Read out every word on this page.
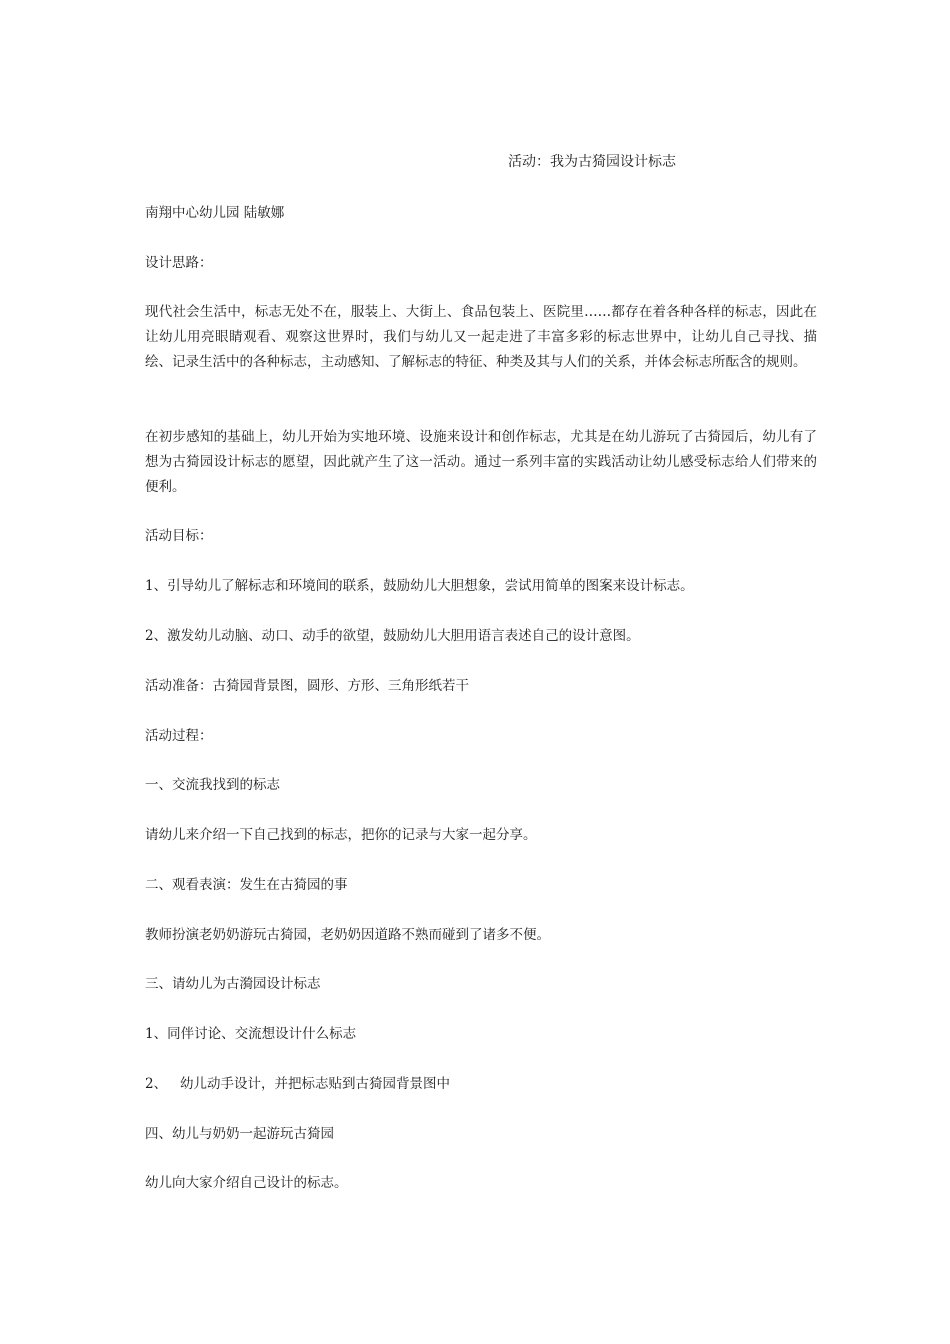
活动：我为古猗园设计标志
南翔中心幼儿园 陆敏娜
设计思路：
现代社会生活中，标志无处不在，服装上、大街上、食品包装上、医院里……都存在着各种各样的标志，因此在让幼儿用亮眼睛观看、观察这世界时，我们与幼儿又一起走进了丰富多彩的标志世界中，让幼儿自己寻找、描绘、记录生活中的各种标志，主动感知、了解标志的特征、种类及其与人们的关系，并体会标志所酝含的规则。
在初步感知的基础上，幼儿开始为实地环境、设施来设计和创作标志，尤其是在幼儿游玩了古猗园后，幼儿有了想为古猗园设计标志的愿望，因此就产生了这一活动。通过一系列丰富的实践活动让幼儿感受标志给人们带来的便利。
活动目标：
1、引导幼儿了解标志和环境间的联系，鼓励幼儿大胆想象，尝试用简单的图案来设计标志。
2、激发幼儿动脑、动口、动手的欲望，鼓励幼儿大胆用语言表述自己的设计意图。
活动准备：古猗园背景图，圆形、方形、三角形纸若干
活动过程：
一、交流我找到的标志
请幼儿来介绍一下自己找到的标志，把你的记录与大家一起分享。
二、观看表演：发生在古猗园的事
教师扮演老奶奶游玩古猗园，老奶奶因道路不熟而碰到了诸多不便。
三、请幼儿为古漪园设计标志
1、同伴讨论、交流想设计什么标志
2、   幼儿动手设计，并把标志贴到古猗园背景图中
四、幼儿与奶奶一起游玩古猗园
幼儿向大家介绍自己设计的标志。
